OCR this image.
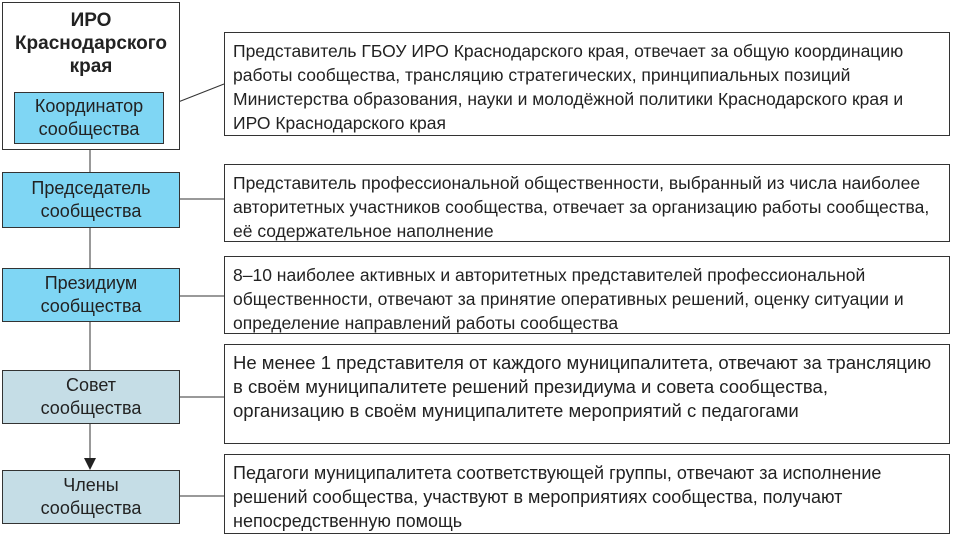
ИРО
Краснодарского
края
Координатор
сообщества
Председатель
сообщества
Президиум
сообщества
Совет
сообщества
Члены
сообщества
Представитель ГБОУ ИРО Краснодарского края, отвечает за общую координацию работы сообщества, трансляцию стратегических, принципиальных позиций Министерства образования, науки и молодёжной политики Краснодарского края и ИРО Краснодарского края
Представитель профессиональной общественности, выбранный из числа наиболее авторитетных участников сообщества, отвечает за организацию работы сообщества, её содержательное наполнение
8–10 наиболее активных и авторитетных представителей профессиональной общественности, отвечают за принятие оперативных решений, оценку ситуации и определение направлений работы сообщества
Не менее 1 представителя от каждого муниципалитета, отвечают за трансляцию в своём муниципалитете решений президиума и совета сообщества, организацию в своём муниципалитете мероприятий с педагогами
Педагоги муниципалитета соответствующей группы, отвечают за исполнение решений сообщества, участвуют в мероприятиях сообщества, получают непосредственную помощь
